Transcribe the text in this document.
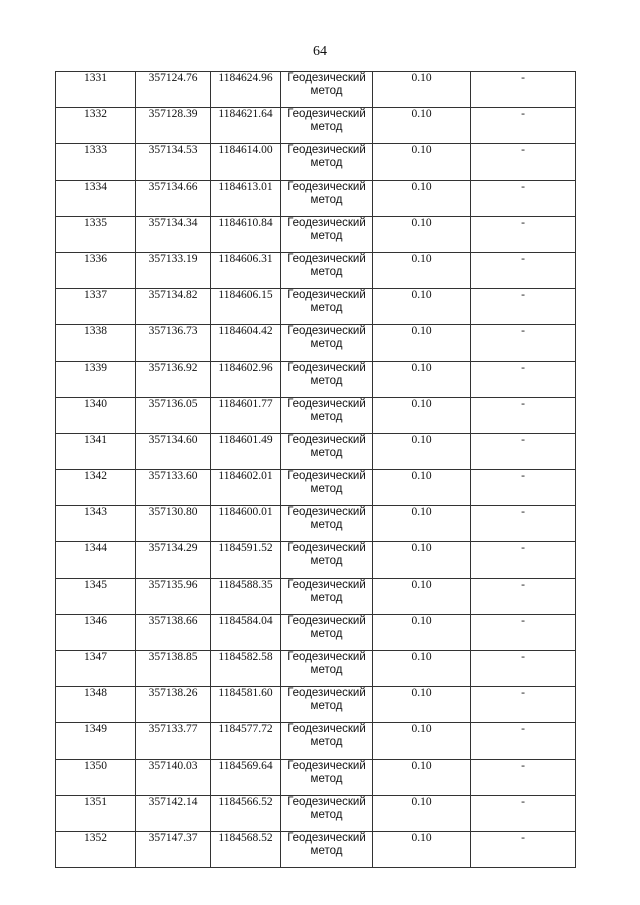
64
1331	357124.76	1184624.96	Геодезический
метод	0.10	-
1332	357128.39	1184621.64	Геодезический
метод	0.10	-
1333	357134.53	1184614.00	Геодезический
метод	0.10	-
1334	357134.66	1184613.01	Геодезический
метод	0.10	-
1335	357134.34	1184610.84	Геодезический
метод	0.10	-
1336	357133.19	1184606.31	Геодезический
метод	0.10	-
1337	357134.82	1184606.15	Геодезический
метод	0.10	-
1338	357136.73	1184604.42	Геодезический
метод	0.10	-
1339	357136.92	1184602.96	Геодезический
метод	0.10	-
1340	357136.05	1184601.77	Геодезический
метод	0.10	-
1341	357134.60	1184601.49	Геодезический
метод	0.10	-
1342	357133.60	1184602.01	Геодезический
метод	0.10	-
1343	357130.80	1184600.01	Геодезический
метод	0.10	-
1344	357134.29	1184591.52	Геодезический
метод	0.10	-
1345	357135.96	1184588.35	Геодезический
метод	0.10	-
1346	357138.66	1184584.04	Геодезический
метод	0.10	-
1347	357138.85	1184582.58	Геодезический
метод	0.10	-
1348	357138.26	1184581.60	Геодезический
метод	0.10	-
1349	357133.77	1184577.72	Геодезический
метод	0.10	-
1350	357140.03	1184569.64	Геодезический
метод	0.10	-
1351	357142.14	1184566.52	Геодезический
метод	0.10	-
1352	357147.37	1184568.52	Геодезический
метод	0.10	-
